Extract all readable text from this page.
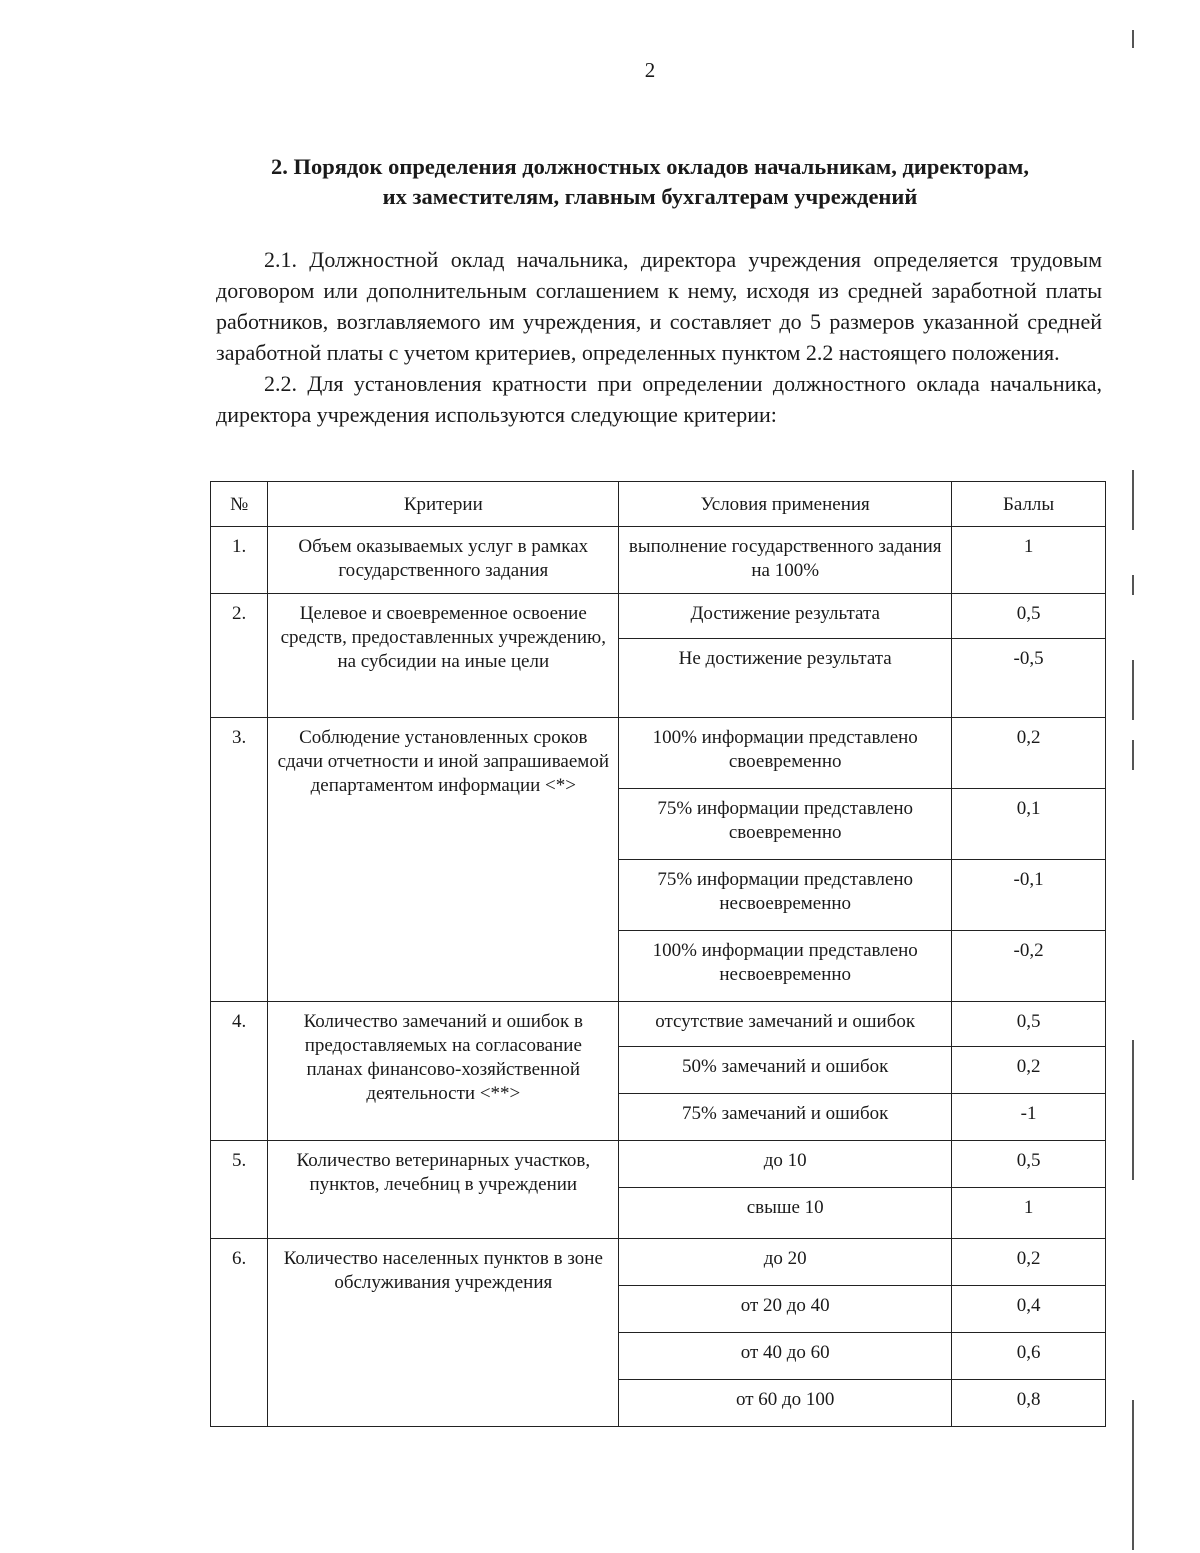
2
2. Порядок определения должностных окладов начальникам, директорам,
их заместителям, главным бухгалтерам учреждений

2.1. Должностной оклад начальника, директора учреждения определяется трудовым договором или дополнительным соглашением к нему, исходя из средней заработной платы работников, возглавляемого им учреждения, и составляет до 5 размеров указанной средней заработной платы с учетом критериев, определенных пунктом 2.2 настоящего положения.

2.2. Для установления кратности при определении должностного оклада начальника, директора учреждения используются следующие критерии:

№	Критерии	Условия применения	Баллы
1.	Объем оказываемых услуг в рамках государственного задания	выполнение государственного задания на 100%	1
2.	Целевое и своевременное освоение средств, предоставленных учреждению, на субсидии на иные цели	Достижение результата	0,5
		Не достижение результата	-0,5
3.	Соблюдение установленных сроков сдачи отчетности и иной запрашиваемой департаментом информации <*>	100% информации представлено своевременно	0,2
		75% информации представлено своевременно	0,1
		75% информации представлено несвоевременно	-0,1
		100% информации представлено несвоевременно	-0,2
4.	Количество замечаний и ошибок в предоставляемых на согласование планах финансово-хозяйственной деятельности <**>	отсутствие замечаний и ошибок	0,5
		50% замечаний и ошибок	0,2
		75% замечаний и ошибок	-1
5.	Количество ветеринарных участков, пунктов, лечебниц в учреждении	до 10	0,5
		свыше 10	1
6.	Количество населенных пунктов в зоне обслуживания учреждения	до 20	0,2
		от 20 до 40	0,4
		от 40 до 60	0,6
		от 60 до 100	0,8
